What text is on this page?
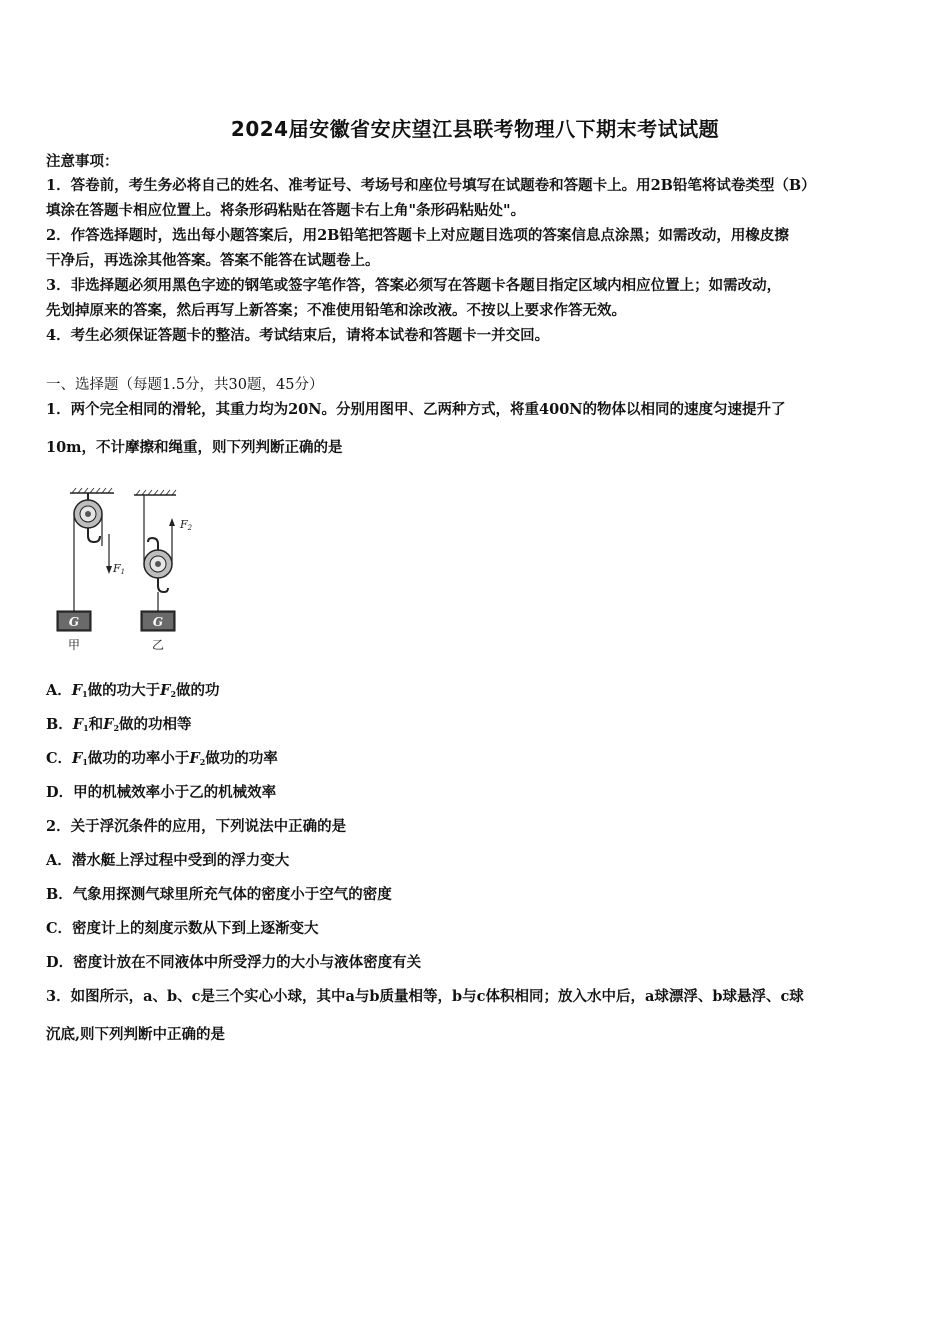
2024届安徽省安庆望江县联考物理八下期末考试试题
注意事项：
1．答卷前，考生务必将自己的姓名、准考证号、考场号和座位号填写在试题卷和答题卡上。用2B铅笔将试卷类型（B）
填涂在答题卡相应位置上。将条形码粘贴在答题卡右上角"条形码粘贴处"。
2．作答选择题时，选出每小题答案后，用2B铅笔把答题卡上对应题目选项的答案信息点涂黑；如需改动，用橡皮擦
干净后，再选涂其他答案。答案不能答在试题卷上。
3．非选择题必须用黑色字迹的钢笔或签字笔作答，答案必须写在答题卡各题目指定区域内相应位置上；如需改动，
先划掉原来的答案，然后再写上新答案；不准使用铅笔和涂改液。不按以上要求作答无效。
4．考生必须保证答题卡的整洁。考试结束后，请将本试卷和答题卡一并交回。
一、选择题（每题1.5分，共30题，45分）
1．两个完全相同的滑轮，其重力均为20N。分别用图甲、乙两种方式，将重400N的物体以相同的速度匀速提升了
10m，不计摩擦和绳重，则下列判断正确的是
F1
G
甲
F2
G
乙
A．F1做的功大于F2做的功
B．F1和F2做的功相等
C．F1做功的功率小于F2做功的功率
D．甲的机械效率小于乙的机械效率
2．关于浮沉条件的应用，下列说法中正确的是
A．潜水艇上浮过程中受到的浮力变大
B．气象用探测气球里所充气体的密度小于空气的密度
C．密度计上的刻度示数从下到上逐渐变大
D．密度计放在不同液体中所受浮力的大小与液体密度有关
3．如图所示，a、b、c是三个实心小球，其中a与b质量相等，b与c体积相同；放入水中后，a球漂浮、b球悬浮、c球
沉底,则下列判断中正确的是
